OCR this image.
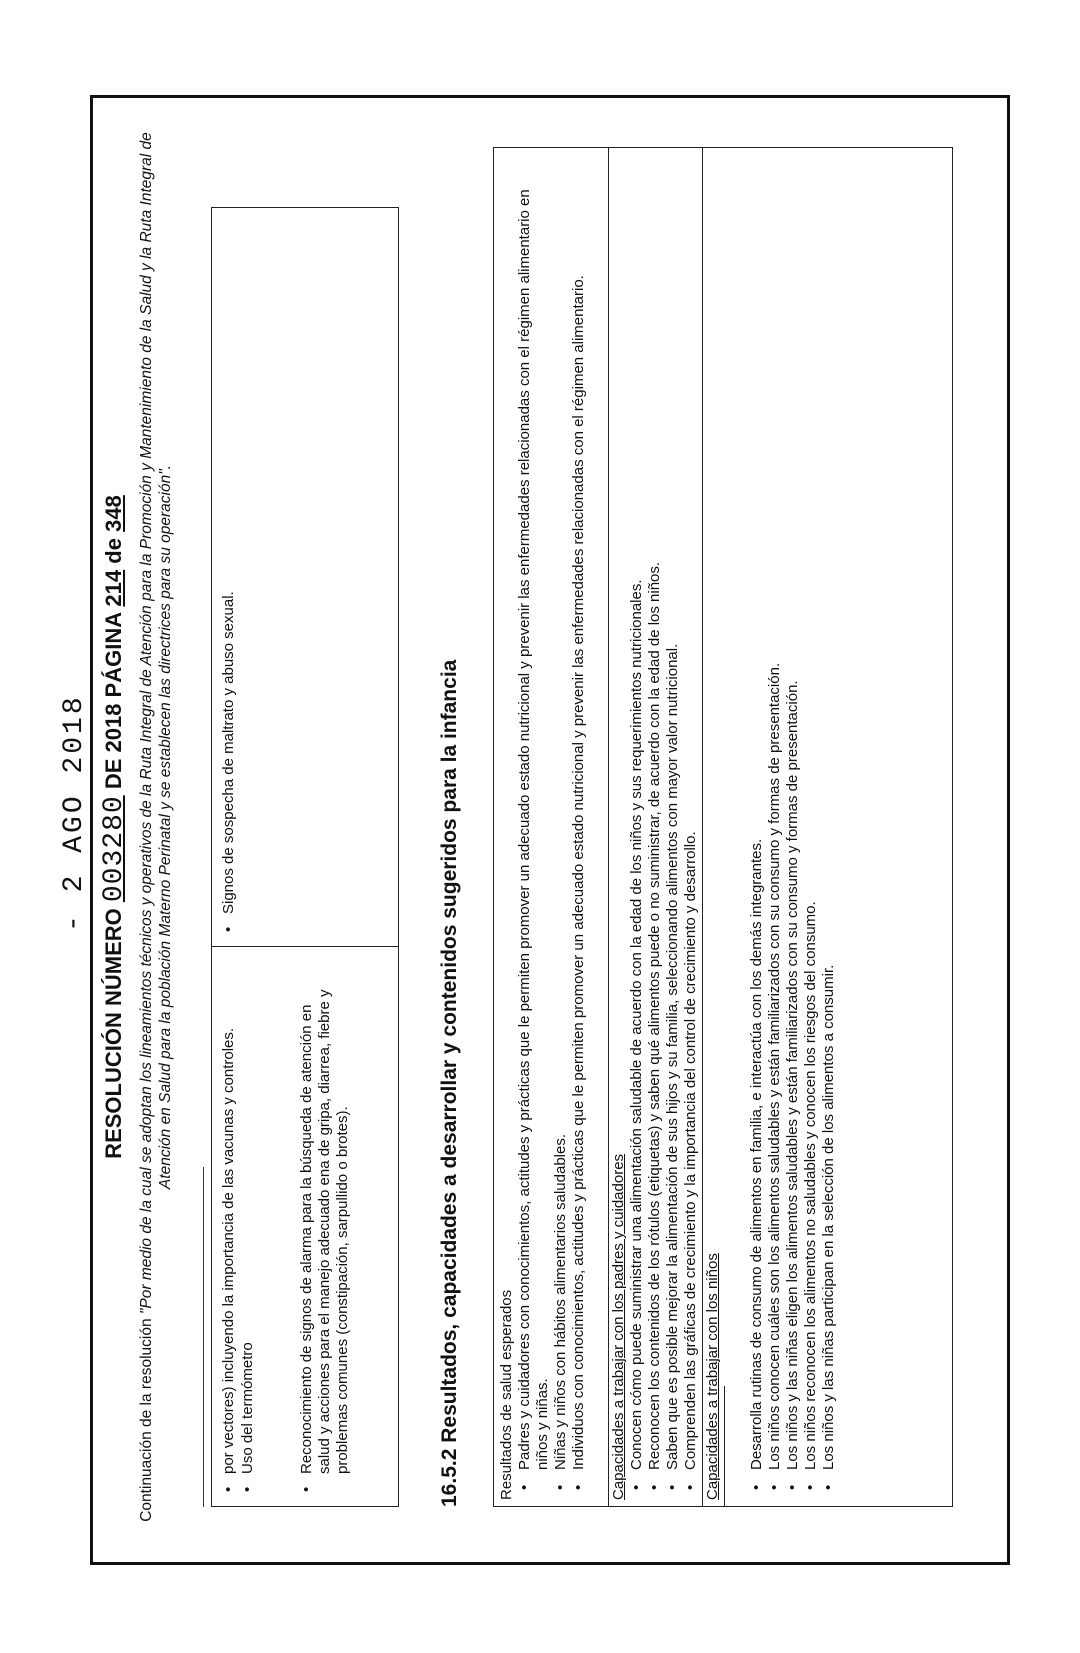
- 2 AGO 2018
RESOLUCIÓN NÚMERO 003280 DE 2018 PÁGINA 214 de 348
Continuación de la resolución "Por medio de la cual se adoptan los lineamientos técnicos y operativos de la Ruta Integral de Atención para la Promoción y Mantenimiento de la Salud y la Ruta Integral de Atención en Salud para la población Materno Perinatal y se establecen las directrices para su operación".
•
por vectores) incluyendo la importancia de las vacunas y controles.
•
Uso del termómetro
•
Reconocimiento de signos de alarma para la búsqueda de atención en salud y acciones para el manejo adecuado ena de gripa, diarrea, fiebre y problemas comunes (constipación, sarpullido o brotes).
•
Signos de sospecha de maltrato y abuso sexual.	16.5.2 Resultados, capacidades a desarrollar y contenidos sugeridos para la infancia Resultados de salud esperados •
Padres y cuidadores con conocimientos, actitudes y prácticas que le permiten promover un adecuado estado nutricional y prevenir las enfermedades relacionadas con el régimen alimentario en niños y niñas.
•
Niñas y niños con hábitos alimentarios saludables.
•
Individuos con conocimientos, actitudes y prácticas que le permiten promover un adecuado estado nutricional y prevenir las enfermedades relacionadas con el régimen alimentario. Capacidades a trabajar con los padres y cuidadores •
Conocen cómo puede suministrar una alimentación saludable de acuerdo con la edad de los niños y sus requerimientos nutricionales.
•
Reconocen los contenidos de los rótulos (etiquetas) y saben qué alimentos puede o no suministrar, de acuerdo con la edad de los niños.
•
Saben que es posible mejorar la alimentación de sus hijos y su familia, seleccionando alimentos con mayor valor nutricional.
•
Comprenden las gráficas de crecimiento y la importancia del control de crecimiento y desarrollo. Capacidades a trabajar con los niños •
Desarrolla rutinas de consumo de alimentos en familia, e interactúa con los demás integrantes.
•
Los niños conocen cuáles son los alimentos saludables y están familiarizados con su consumo y formas de presentación.
•
Los niños y las niñas eligen los alimentos saludables y están familiarizados con su consumo y formas de presentación.
•
Los niños reconocen los alimentos no saludables y conocen los riesgos del consumo.
•
Los niños y las niñas participan en la selección de los alimentos a consumir.
